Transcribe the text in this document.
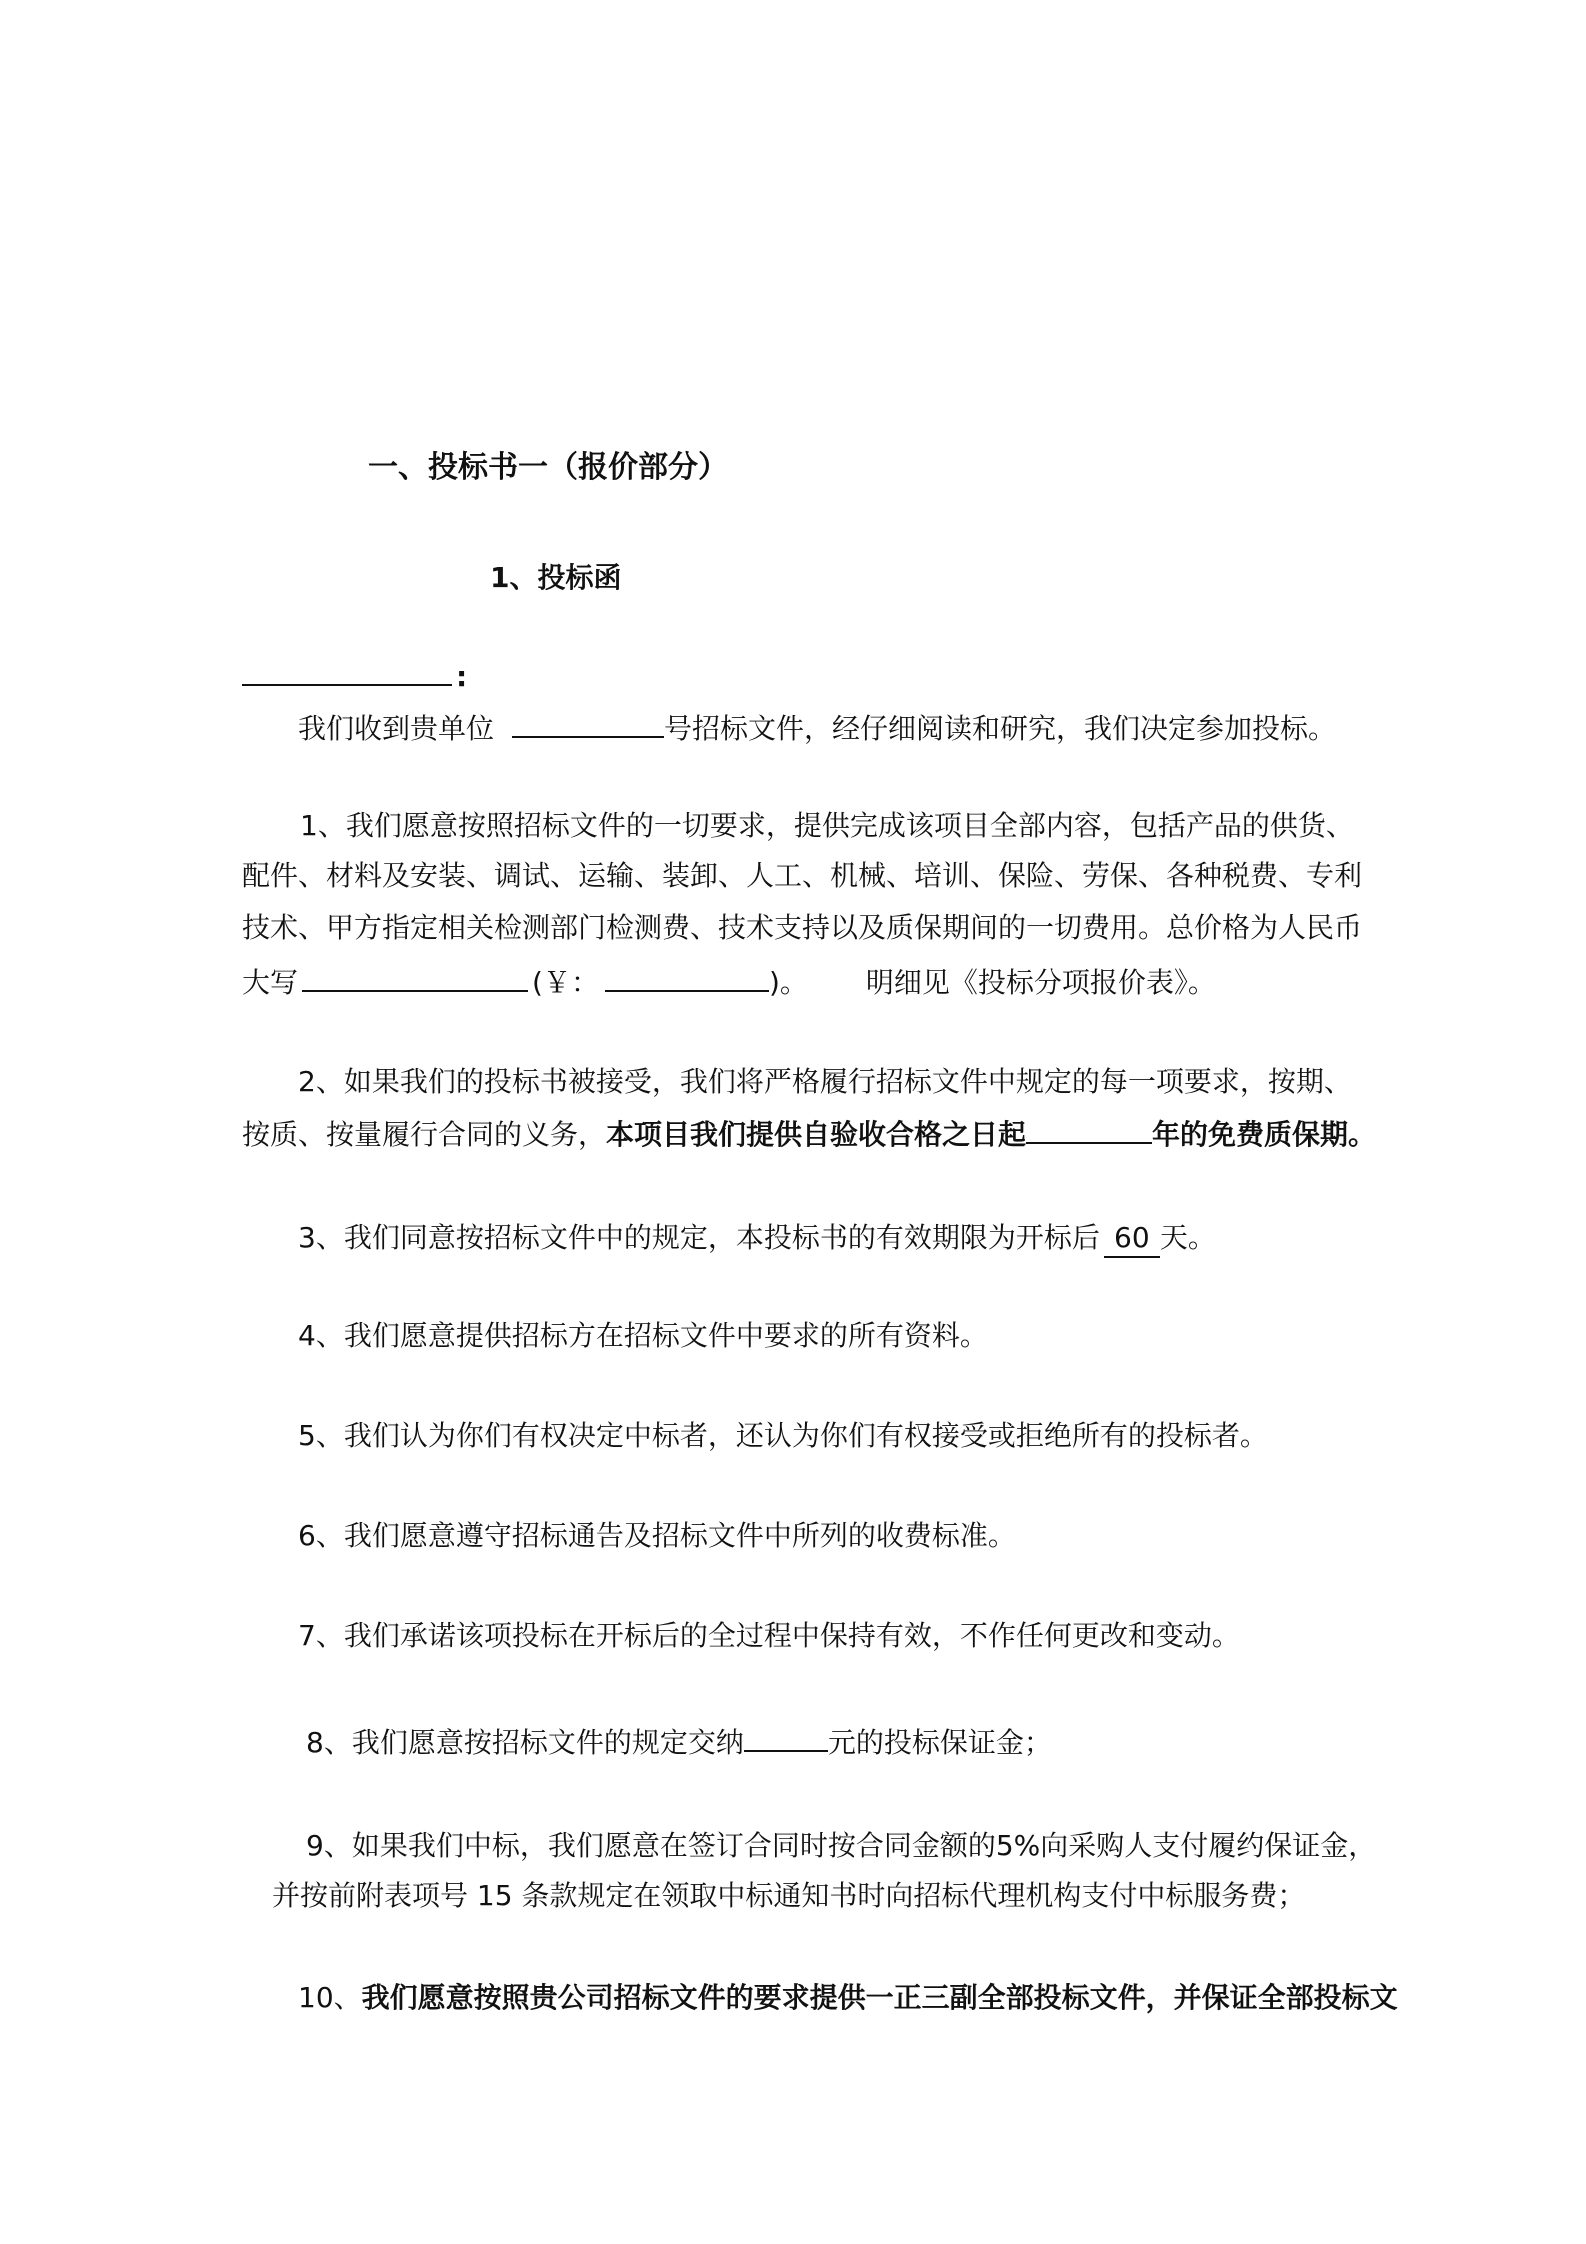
一、投标书一（报价部分）
1、投标函
:
我们收到贵单位	号招标文件，经仔细阅读和研究，我们决定参加投标。
1、我们愿意按照招标文件的一切要求，提供完成该项目全部内容，包括产品的供货、
配件、材料及安装、调试、运输、装卸、人工、机械、培训、保险、劳保、各种税费、专利
技术、甲方指定相关检测部门检测费、技术支持以及质保期间的一切费用。总价格为人民币
大写	(￥：	)。 明细见《投标分项报价表》。
2、如果我们的投标书被接受，我们将严格履行招标文件中规定的每一项要求，按期、
按质、按量履行合同的义务，本项目我们提供自验收合格之日起	年的免费质保期。
3、我们同意按招标文件中的规定，本投标书的有效期限为开标后 60 天。
4、我们愿意提供招标方在招标文件中要求的所有资料。
5、我们认为你们有权决定中标者，还认为你们有权接受或拒绝所有的投标者。
6、我们愿意遵守招标通告及招标文件中所列的收费标准。
7、我们承诺该项投标在开标后的全过程中保持有效，不作任何更改和变动。
8、我们愿意按招标文件的规定交纳	元的投标保证金；
9、如果我们中标，我们愿意在签订合同时按合同金额的5%向采购人支付履约保证金，
并按前附表项号 15 条款规定在领取中标通知书时向招标代理机构支付中标服务费；
10、我们愿意按照贵公司招标文件的要求提供一正三副全部投标文件，并保证全部投标文
